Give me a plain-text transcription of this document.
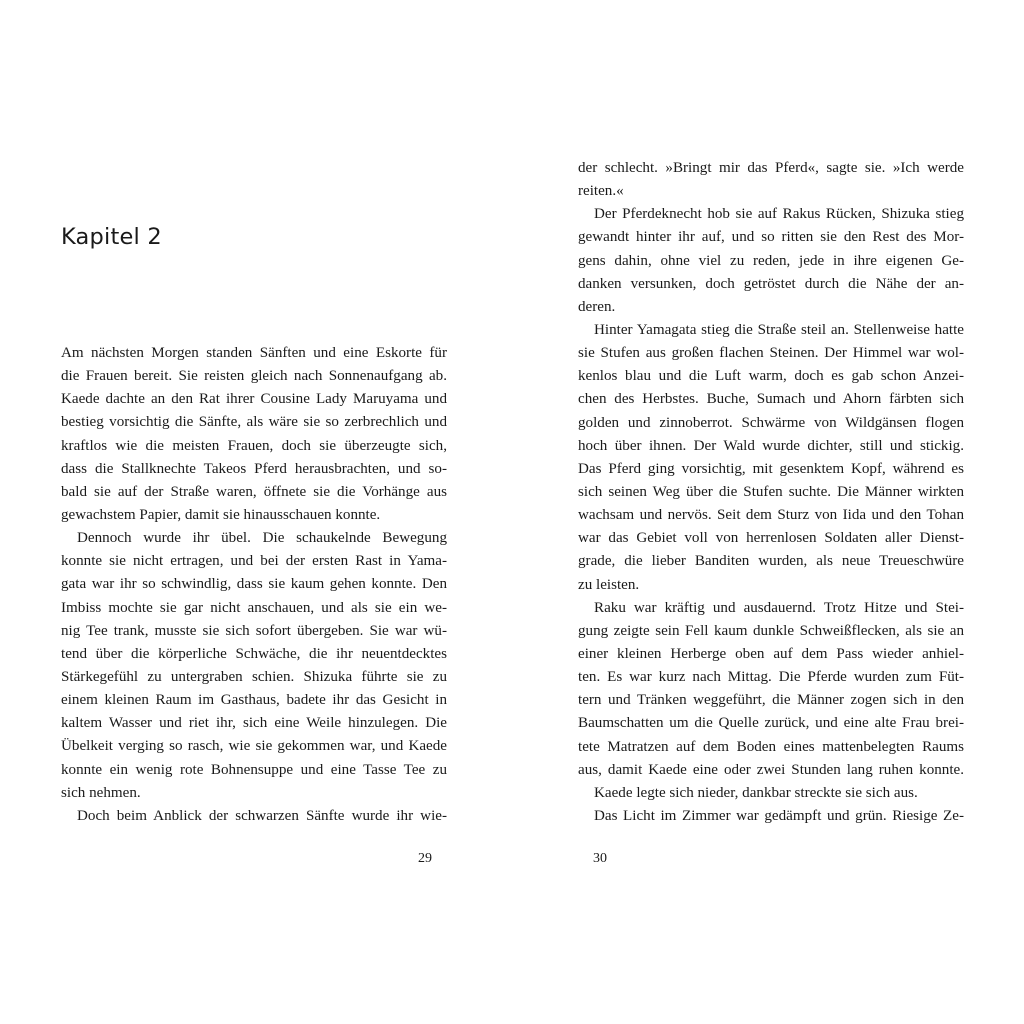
Kapitel 2
Am nächsten Morgen standen Sänften und eine Eskorte für
die Frauen bereit. Sie reisten gleich nach Sonnenaufgang ab.
Kaede dachte an den Rat ihrer Cousine Lady Maruyama und
bestieg vorsichtig die Sänfte, als wäre sie so zerbrechlich und
kraftlos wie die meisten Frauen, doch sie überzeugte sich,
dass die Stallknechte Takeos Pferd herausbrachten, und so-
bald sie auf der Straße waren, öffnete sie die Vorhänge aus
gewachstem Papier, damit sie hinausschauen konnte.
Dennoch wurde ihr übel. Die schaukelnde Bewegung
konnte sie nicht ertragen, und bei der ersten Rast in Yama-
gata war ihr so schwindlig, dass sie kaum gehen konnte. Den
Imbiss mochte sie gar nicht anschauen, und als sie ein we-
nig Tee trank, musste sie sich sofort übergeben. Sie war wü-
tend über die körperliche Schwäche, die ihr neuentdecktes
Stärkegefühl zu untergraben schien. Shizuka führte sie zu
einem kleinen Raum im Gasthaus, badete ihr das Gesicht in
kaltem Wasser und riet ihr, sich eine Weile hinzulegen. Die
Übelkeit verging so rasch, wie sie gekommen war, und Kaede
konnte ein wenig rote Bohnensuppe und eine Tasse Tee zu
sich nehmen.
Doch beim Anblick der schwarzen Sänfte wurde ihr wie-

29

der schlecht. »Bringt mir das Pferd«, sagte sie. »Ich werde
reiten.«
Der Pferdeknecht hob sie auf Rakus Rücken, Shizuka stieg
gewandt hinter ihr auf, und so ritten sie den Rest des Mor-
gens dahin, ohne viel zu reden, jede in ihre eigenen Ge-
danken versunken, doch getröstet durch die Nähe der an-
deren.
Hinter Yamagata stieg die Straße steil an. Stellenweise hatte
sie Stufen aus großen flachen Steinen. Der Himmel war wol-
kenlos blau und die Luft warm, doch es gab schon Anzei-
chen des Herbstes. Buche, Sumach und Ahorn färbten sich
golden und zinnoberrot. Schwärme von Wildgänsen flogen
hoch über ihnen. Der Wald wurde dichter, still und stickig.
Das Pferd ging vorsichtig, mit gesenktem Kopf, während es
sich seinen Weg über die Stufen suchte. Die Männer wirkten
wachsam und nervös. Seit dem Sturz von Iida und den Tohan
war das Gebiet voll von herrenlosen Soldaten aller Dienst-
grade, die lieber Banditen wurden, als neue Treueschwüre
zu leisten.
Raku war kräftig und ausdauernd. Trotz Hitze und Stei-
gung zeigte sein Fell kaum dunkle Schweißflecken, als sie an
einer kleinen Herberge oben auf dem Pass wieder anhiel-
ten. Es war kurz nach Mittag. Die Pferde wurden zum Füt-
tern und Tränken weggeführt, die Männer zogen sich in den
Baumschatten um die Quelle zurück, und eine alte Frau brei-
tete Matratzen auf dem Boden eines mattenbelegten Raums
aus, damit Kaede eine oder zwei Stunden lang ruhen konnte.
Kaede legte sich nieder, dankbar streckte sie sich aus.
Das Licht im Zimmer war gedämpft und grün. Riesige Ze-

30
